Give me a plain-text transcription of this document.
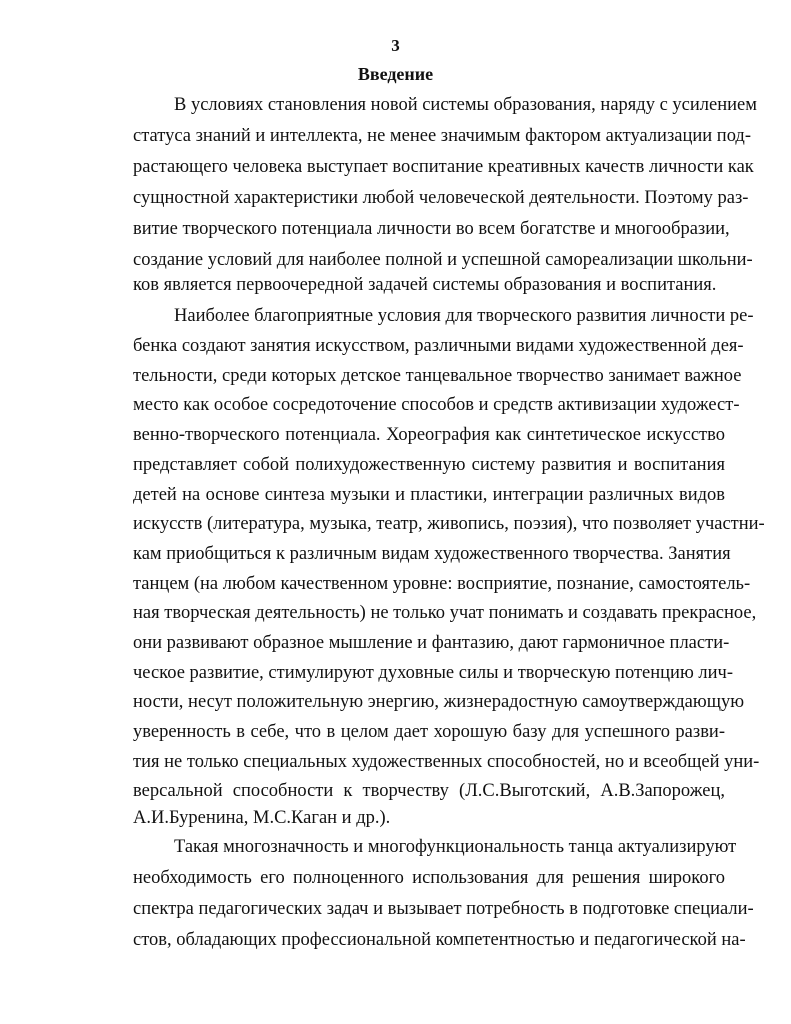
3
Введение
В условиях становления новой системы образования, наряду с усилением
статуса знаний и интеллекта, не менее значимым фактором актуализации под-
растающего человека выступает воспитание креативных качеств личности как
сущностной характеристики любой человеческой деятельности. Поэтому раз-
витие творческого потенциала личности во всем богатстве и многообразии,
создание условий для наиболее полной и успешной самореализации школьни-
ков является первоочередной задачей системы образования и воспитания.
Наиболее благоприятные условия для творческого развития личности ре-
бенка создают занятия искусством, различными видами художественной дея-
тельности, среди которых детское танцевальное творчество занимает важное
место как особое сосредоточение способов и средств активизации художест-
венно-творческого потенциала. Хореография как синтетическое искусство
представляет собой полихудожественную систему развития и воспитания
детей на основе синтеза музыки и пластики, интеграции различных видов
искусств (литература, музыка, театр, живопись, поэзия), что позволяет участни-
кам приобщиться к различным видам художественного творчества. Занятия
танцем (на любом качественном уровне: восприятие, познание, самостоятель-
ная творческая деятельность) не только учат понимать и создавать прекрасное,
они развивают образное мышление и фантазию, дают гармоничное пласти-
ческое развитие, стимулируют духовные силы и творческую потенцию лич-
ности, несут положительную энергию, жизнерадостную самоутверждающую
уверенность в себе, что в целом дает хорошую базу для успешного разви-
тия не только специальных художественных способностей, но и всеобщей уни-
версальной способности к творчеству (Л.С.Выготский, А.В.Запорожец,
А.И.Буренина, М.С.Каган и др.).
Такая многозначность и многофункциональность танца актуализируют
необходимость его полноценного использования для решения широкого
спектра педагогических задач и вызывает потребность в подготовке специали-
стов, обладающих профессиональной компетентностью и педагогической на-
